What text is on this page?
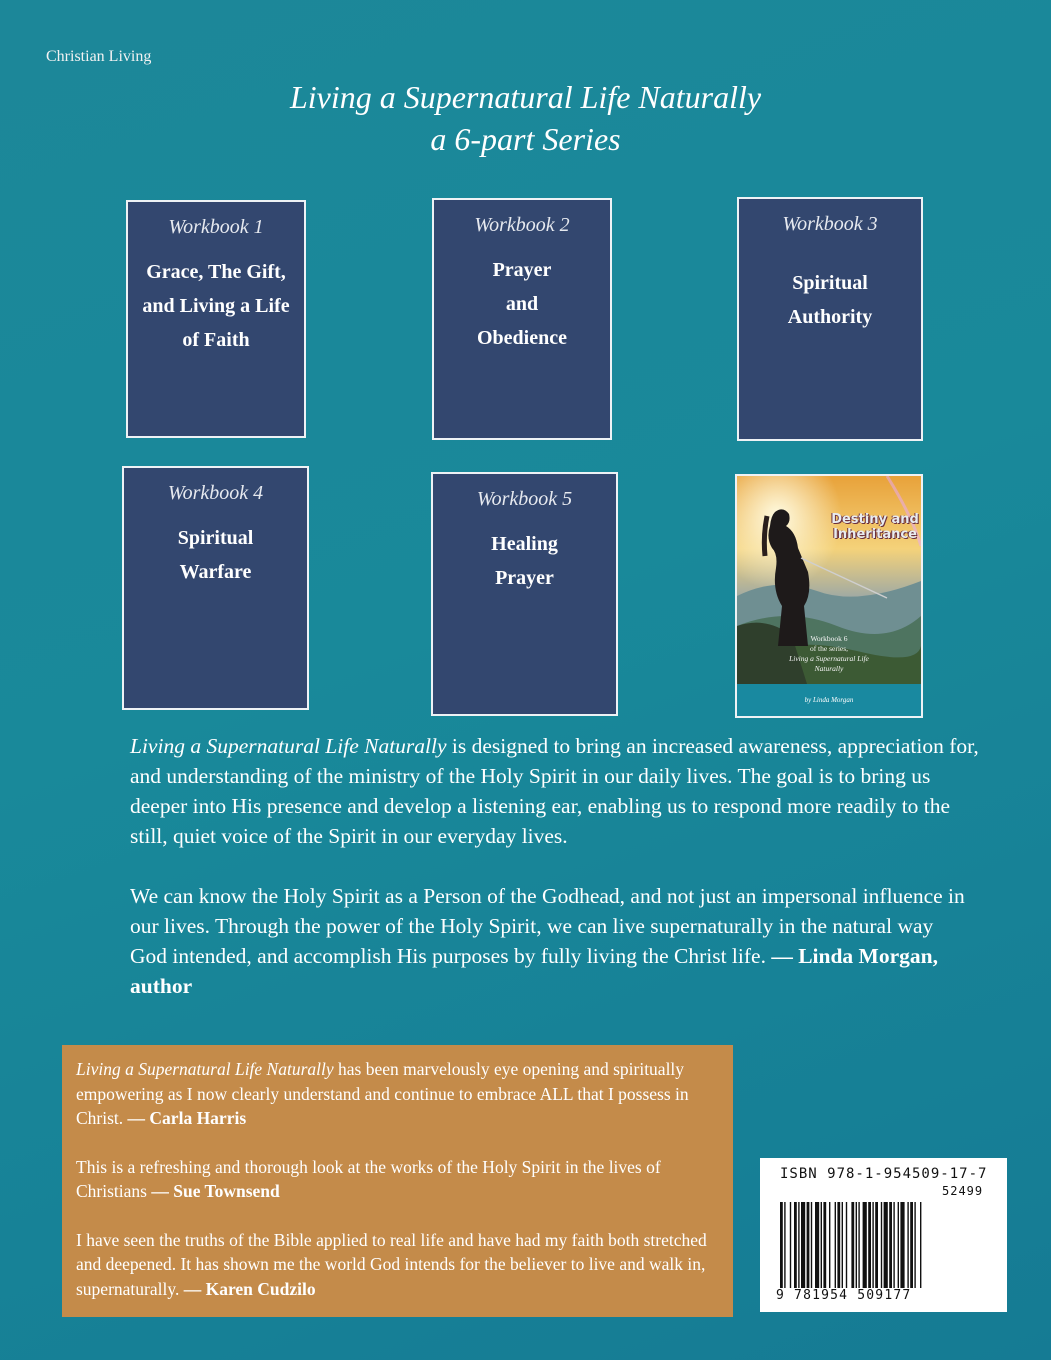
Christian Living
Living a Supernatural Life Naturally
a 6-part Series
Workbook 1
Grace, The Gift,
and Living a Life
of Faith
Workbook 2
Prayer
and
Obedience
Workbook 3
Spiritual
Authority
Workbook 4
Spiritual
Warfare
Workbook 5
Healing
Prayer
Destiny and
Inheritance
Workbook 6
of the series,
Living a Supernatural Life
Naturally
by Linda Morgan

Living a Supernatural Life Naturally is designed to bring an increased awareness, appreciation for, and understanding of the ministry of the Holy Spirit in our daily lives. The goal is to bring us deeper into His presence and develop a listening ear, enabling us to respond more readily to the still, quiet voice of the Spirit in our everyday lives.

We can know the Holy Spirit as a Person of the Godhead, and not just an impersonal influence in our lives. Through the power of the Holy Spirit, we can live supernaturally in the natural way God intended, and accomplish His purposes by fully living the Christ life. — Linda Morgan, author

Living a Supernatural Life Naturally has been marvelously eye opening and spiritually empowering as I now clearly understand and continue to embrace ALL that I possess in Christ. — Carla Harris

This is a refreshing and thorough look at the works of the Holy Spirit in the lives of Christians — Sue Townsend

I have seen the truths of the Bible applied to real life and have had my faith both stretched and deepened. It has shown me the world God intends for the believer to live and walk in, supernaturally. — Karen Cudzilo

ISBN 978-1-954509-17-7
52499
9 781954 509177
